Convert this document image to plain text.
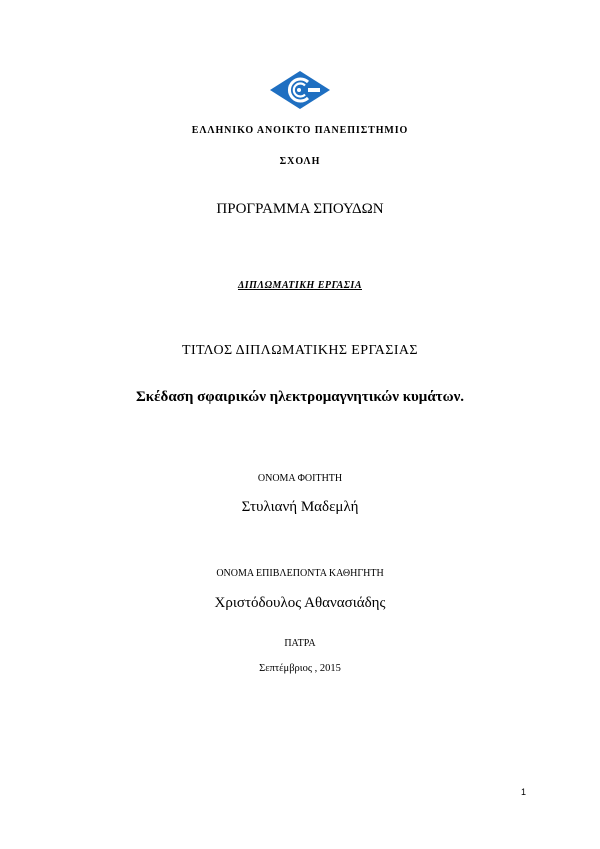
ΕΛΛΗΝΙΚΟ ΑΝΟΙΚΤΟ ΠΑΝΕΠΙΣΤΗΜΙΟ
ΣΧΟΛΗ
ΠΡΟΓΡΑΜΜΑ ΣΠΟΥΔΩΝ
ΔΙΠΛΩΜΑΤΙΚΗ ΕΡΓΑΣΙΑ
ΤΙΤΛΟΣ ΔΙΠΛΩΜΑΤΙΚΗΣ ΕΡΓΑΣΙΑΣ
Σκέδαση σφαιρικών ηλεκτρομαγνητικών κυμάτων.
ΟΝΟΜΑ ΦΟΙΤΗΤΗ
Στυλιανή Μαδεμλή
ΟΝΟΜΑ ΕΠΙΒΛΕΠΟΝΤΑ ΚΑΘΗΓΗΤΗ
Χριστόδουλος Αθανασιάδης
ΠΑΤΡΑ
Σεπτέμβριος , 2015
1
